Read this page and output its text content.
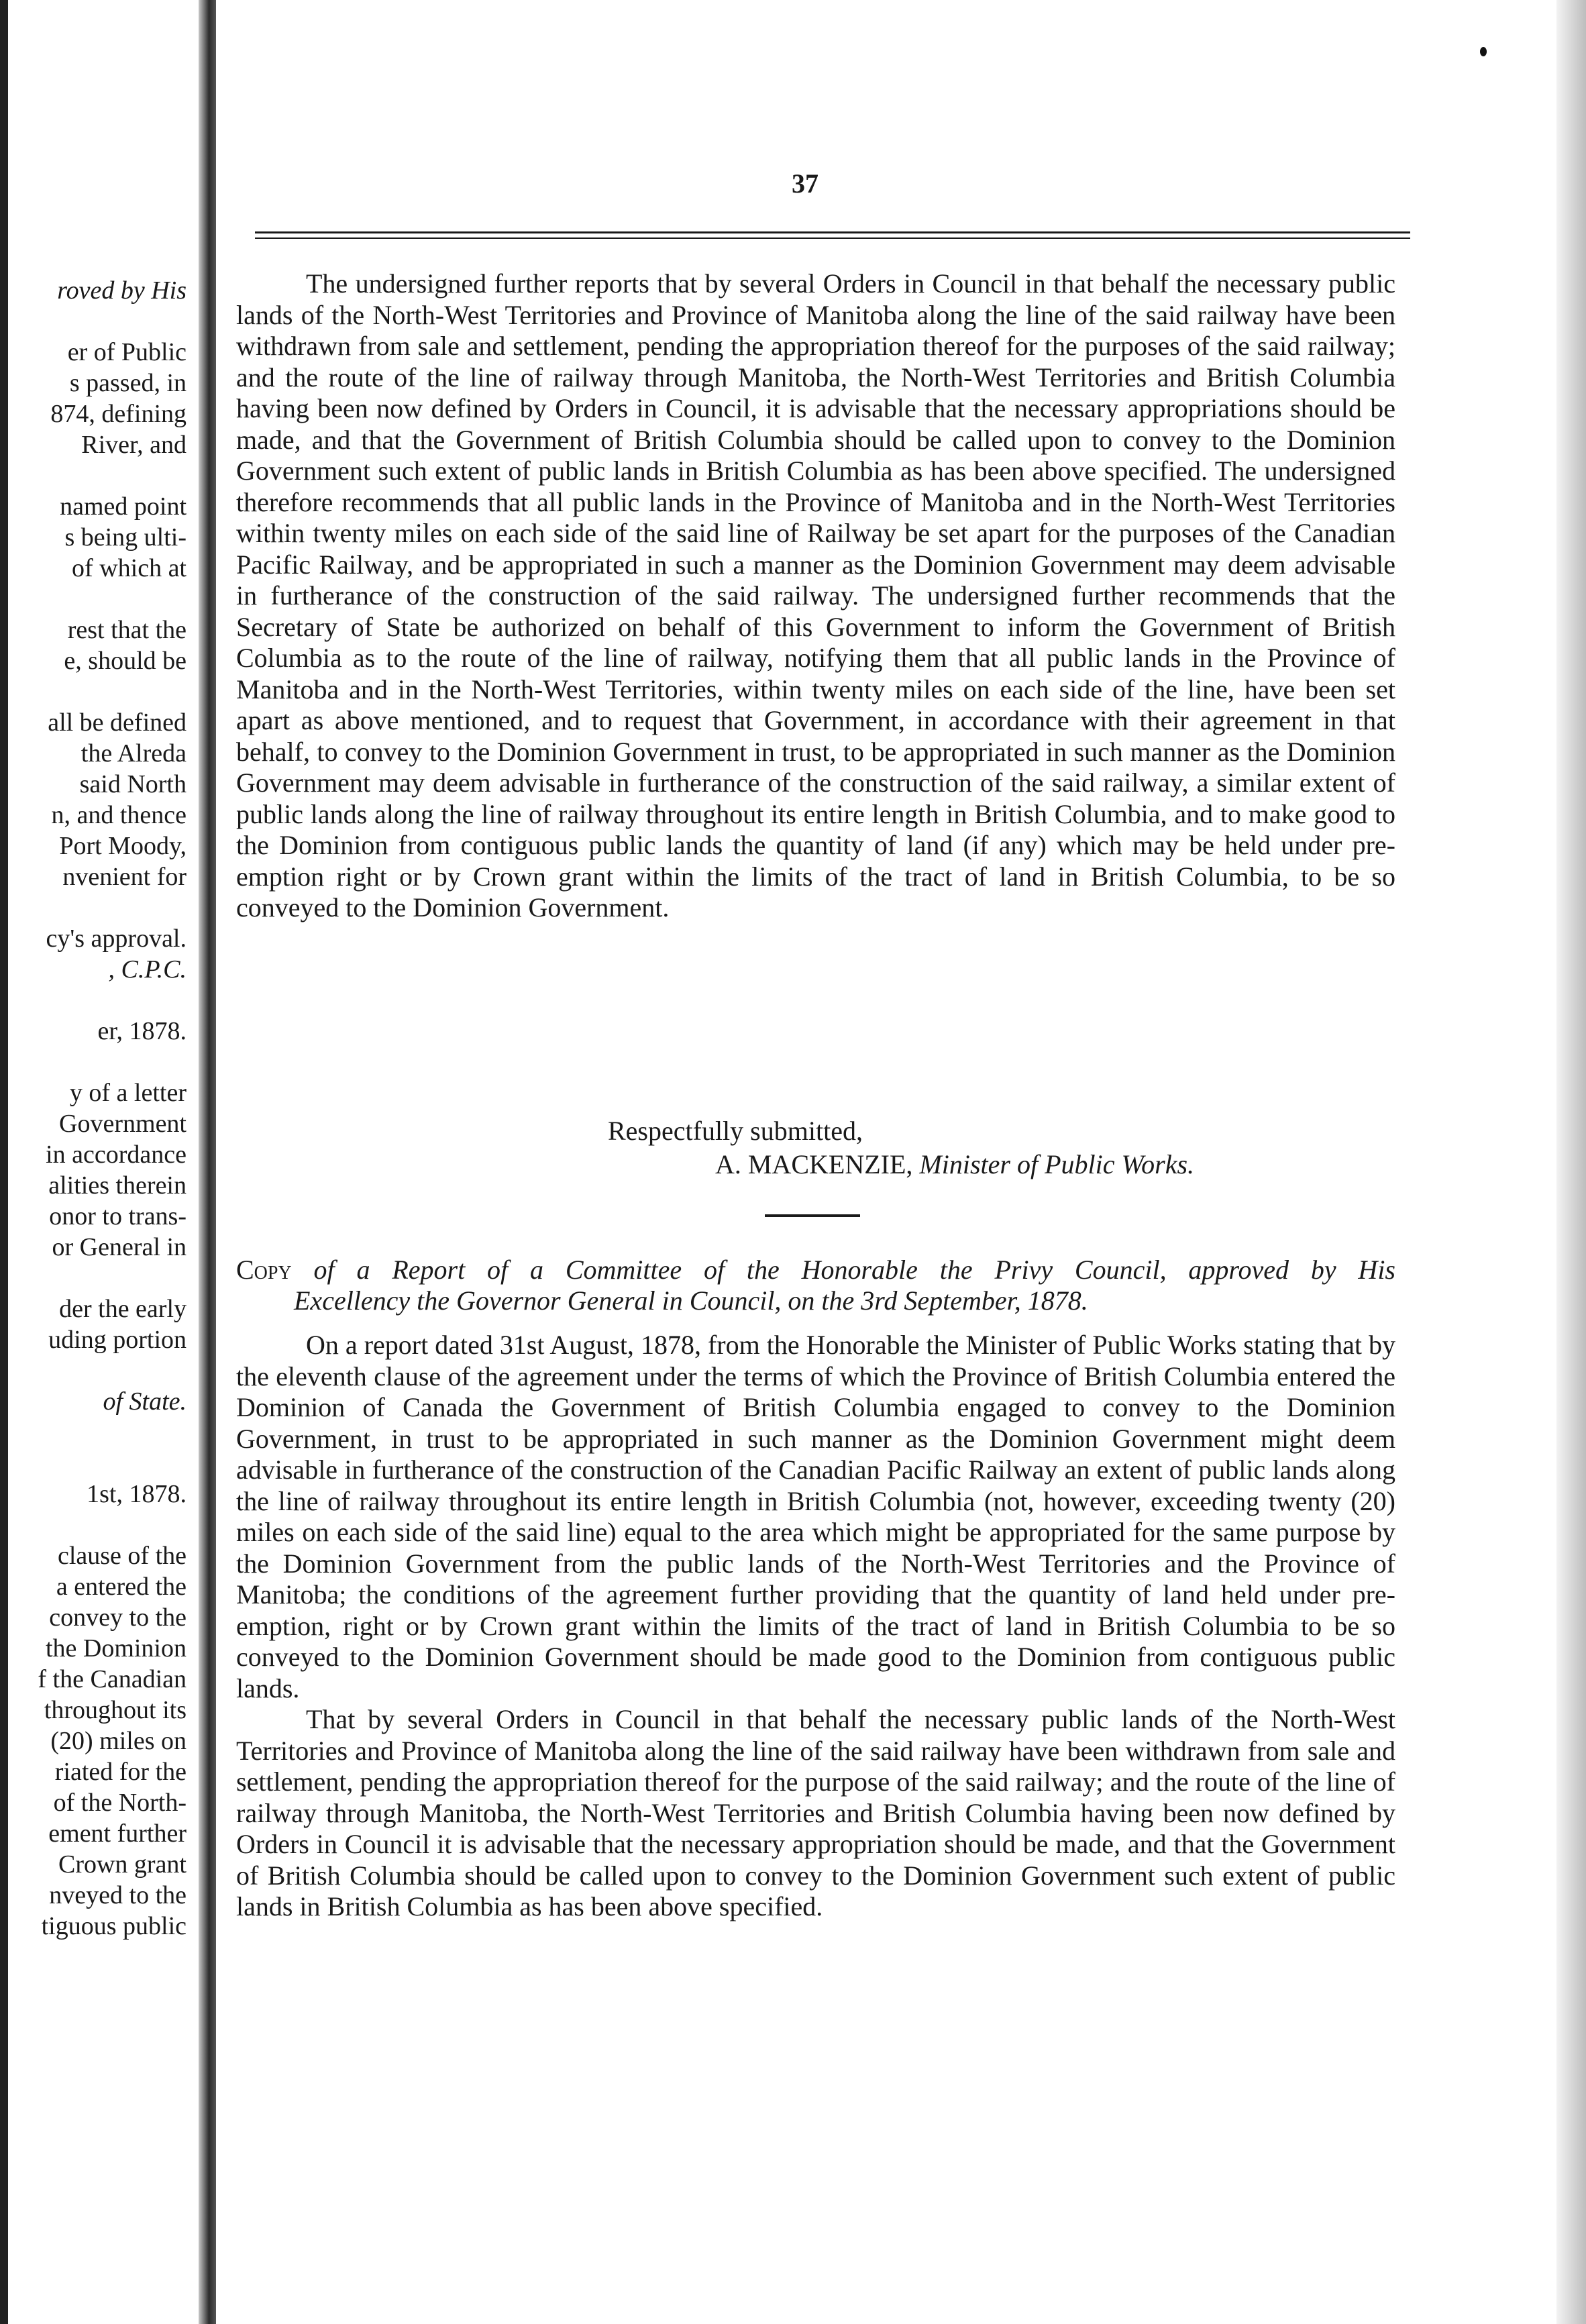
roved by His

er of Public
s passed, in
874, defining
River, and

named point
s being ulti-
of which at

rest that the
e, should be

all be defined
the Alreda
said North
n, and thence
Port Moody,
nvenient for

cy's approval.
, C.P.C.

er, 1878.

y of a letter
Government
in accordance
alities therein
onor to trans-
or General in

der the early
uding portion

of State.

1st, 1878.

clause of the
a entered the
convey to the
the Dominion
f the Canadian
throughout its
(20) miles on
riated for the
of the North-
ement further
Crown grant
nveyed to the
tiguous public
37

The undersigned further reports that by several Orders in Council in that behalf the necessary public lands of the North-West Territories and Province of Manitoba along the line of the said railway have been withdrawn from sale and settlement, pending the appropriation thereof for the purposes of the said railway; and the route of the line of railway through Manitoba, the North-West Territories and British Columbia having been now defined by Orders in Council, it is advisable that the necessary appropriations should be made, and that the Government of British Columbia should be called upon to convey to the Dominion Government such extent of public lands in British Columbia as has been above specified. The undersigned therefore recommends that all public lands in the Province of Manitoba and in the North-West Territories within twenty miles on each side of the said line of Railway be set apart for the purposes of the Canadian Pacific Railway, and be appropriated in such a manner as the Dominion Government may deem advisable in furtherance of the construction of the said railway. The undersigned further recommends that the Secretary of State be authorized on behalf of this Government to inform the Government of British Columbia as to the route of the line of railway, notifying them that all public lands in the Province of Manitoba and in the North-West Territories, within twenty miles on each side of the line, have been set apart as above mentioned, and to request that Government, in accordance with their agreement in that behalf, to convey to the Dominion Government in trust, to be appropriated in such manner as the Dominion Government may deem advisable in furtherance of the construction of the said railway, a similar extent of public lands along the line of railway throughout its entire length in British Columbia, and to make good to the Dominion from contiguous public lands the quantity of land (if any) which may be held under pre-emption right or by Crown grant within the limits of the tract of land in British Columbia, to be so conveyed to the Dominion Government.

Respectfully submitted,
A. MACKENZIE, Minister of Public Works.
Copy of a Report of a Committee of the Honorable the Privy Council, approved by His
Excellency the Governor General in Council, on the 3rd September, 1878.

On a report dated 31st August, 1878, from the Honorable the Minister of Public Works stating that by the eleventh clause of the agreement under the terms of which the Province of British Columbia entered the Dominion of Canada the Government of British Columbia engaged to convey to the Dominion Government, in trust to be appropriated in such manner as the Dominion Government might deem advisable in furtherance of the construction of the Canadian Pacific Railway an extent of public lands along the line of railway throughout its entire length in British Columbia (not, however, exceeding twenty (20) miles on each side of the said line) equal to the area which might be appropriated for the same purpose by the Dominion Government from the public lands of the North-West Territories and the Province of Manitoba; the conditions of the agreement further providing that the quantity of land held under pre-emption, right or by Crown grant within the limits of the tract of land in British Columbia to be so conveyed to the Dominion Government should be made good to the Dominion from contiguous public lands.

That by several Orders in Council in that behalf the necessary public lands of the North-West Territories and Province of Manitoba along the line of the said railway have been withdrawn from sale and settlement, pending the appropriation thereof for the purpose of the said railway; and the route of the line of railway through Manitoba, the North-West Territories and British Columbia having been now defined by Orders in Council it is advisable that the necessary appropriation should be made, and that the Government of British Columbia should be called upon to convey to the Dominion Government such extent of public lands in British Columbia as has been above specified.
